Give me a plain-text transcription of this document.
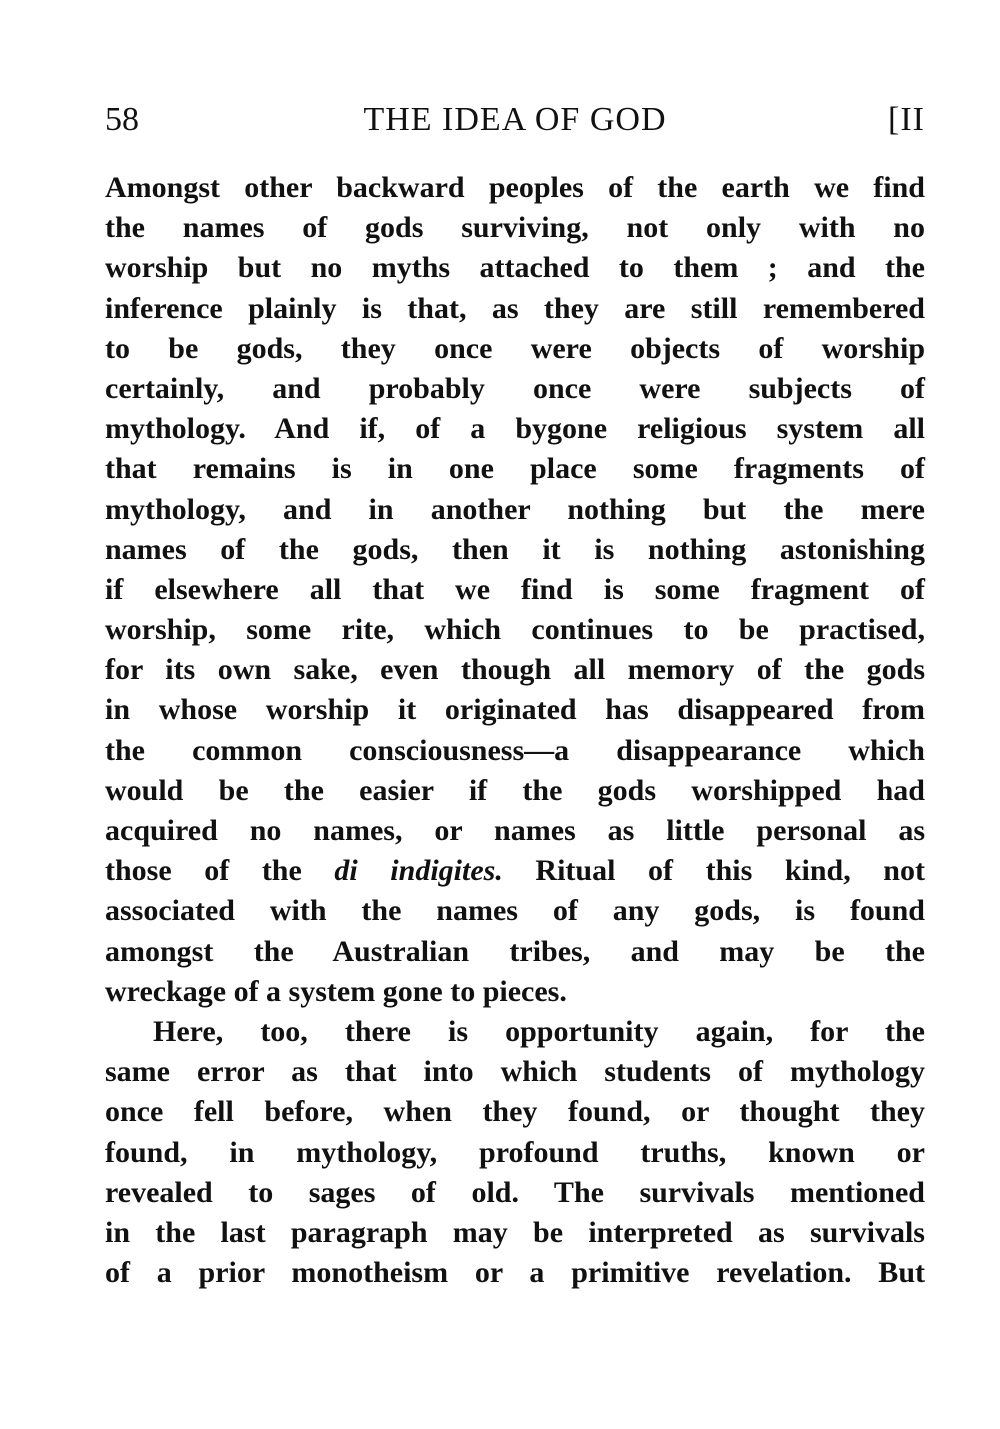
58	THE IDEA OF GOD	[II
Amongst other backward peoples of the earth we find
the names of gods surviving, not only with no
worship but no myths attached to them ; and the
inference plainly is that, as they are still remembered
to be gods, they once were objects of worship
certainly, and probably once were subjects of
mythology. And if, of a bygone religious system all
that remains is in one place some fragments of
mythology, and in another nothing but the mere
names of the gods, then it is nothing astonishing
if elsewhere all that we find is some fragment of
worship, some rite, which continues to be practised,
for its own sake, even though all memory of the gods
in whose worship it originated has disappeared from
the common consciousness—a disappearance which
would be the easier if the gods worshipped had
acquired no names, or names as little personal as
those of the di indigites. Ritual of this kind, not
associated with the names of any gods, is found
amongst the Australian tribes, and may be the
wreckage of a system gone to pieces.
Here, too, there is opportunity again, for the
same error as that into which students of mythology
once fell before, when they found, or thought they
found, in mythology, profound truths, known or
revealed to sages of old. The survivals mentioned
in the last paragraph may be interpreted as survivals
of a prior monotheism or a primitive revelation. But
